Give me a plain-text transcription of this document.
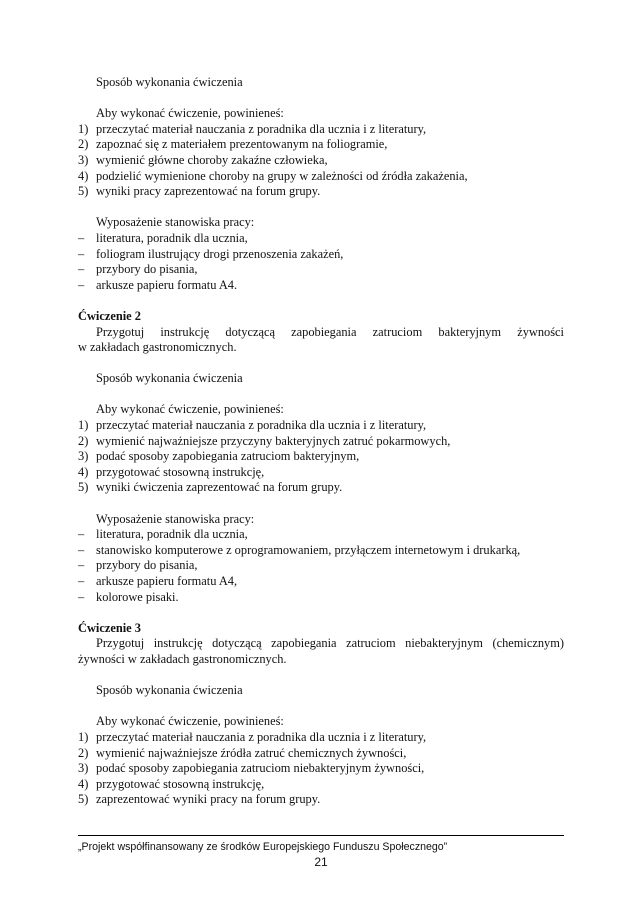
Sposób wykonania ćwiczenia
Aby wykonać ćwiczenie, powinieneś:
1) przeczytać materiał nauczania z poradnika dla ucznia i z literatury,
2) zapoznać się z materiałem prezentowanym na foliogramie,
3) wymienić główne choroby zakaźne człowieka,
4) podzielić wymienione choroby na grupy w zależności od źródła zakażenia,
5) wyniki pracy zaprezentować na forum grupy.
Wyposażenie stanowiska pracy:
– literatura, poradnik dla ucznia,
– foliogram ilustrujący drogi przenoszenia zakażeń,
– przybory do pisania,
– arkusze papieru formatu A4.
Ćwiczenie 2
Przygotuj instrukcję dotyczącą zapobiegania zatruciom bakteryjnym żywności
w zakładach gastronomicznych.
Sposób wykonania ćwiczenia
Aby wykonać ćwiczenie, powinieneś:
1) przeczytać materiał nauczania z poradnika dla ucznia i z literatury,
2) wymienić najważniejsze przyczyny bakteryjnych zatruć pokarmowych,
3) podać sposoby zapobiegania zatruciom bakteryjnym,
4) przygotować stosowną instrukcję,
5) wyniki ćwiczenia zaprezentować na forum grupy.
Wyposażenie stanowiska pracy:
– literatura, poradnik dla ucznia,
– stanowisko komputerowe z oprogramowaniem, przyłączem internetowym i drukarką,
– przybory do pisania,
– arkusze papieru formatu A4,
– kolorowe pisaki.
Ćwiczenie 3
Przygotuj instrukcję dotyczącą zapobiegania zatruciom niebakteryjnym (chemicznym)
żywności w zakładach gastronomicznych.
Sposób wykonania ćwiczenia
Aby wykonać ćwiczenie, powinieneś:
1) przeczytać materiał nauczania z poradnika dla ucznia i z literatury,
2) wymienić najważniejsze źródła zatruć chemicznych żywności,
3) podać sposoby zapobiegania zatruciom niebakteryjnym żywności,
4) przygotować stosowną instrukcję,
5) zaprezentować wyniki pracy na forum grupy.
„Projekt współfinansowany ze środków Europejskiego Funduszu Społecznego”
21
